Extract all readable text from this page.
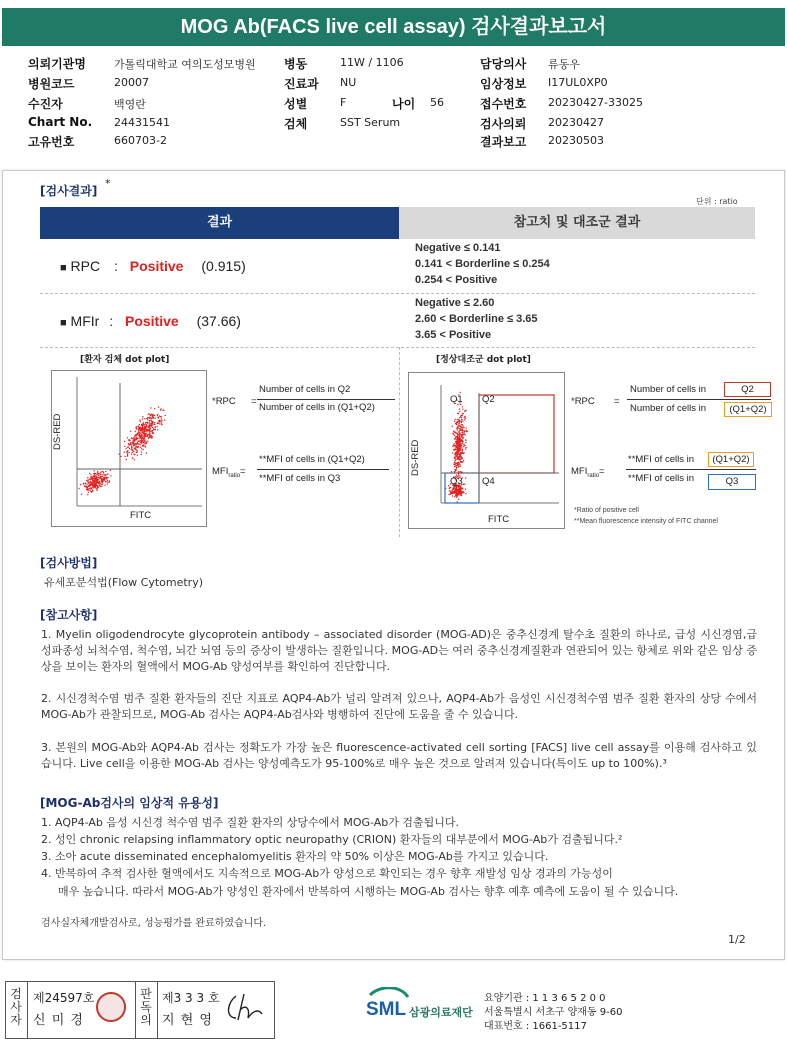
MOG Ab(FACS live cell assay) 검사결과보고서
의뢰기관명	가톨릭대학교 여의도성모병원
병원코드	20007
수진자	백영란
Chart No. 24431541
고유번호	660703-2
병동	11W / 1106
진료과 NU
성별	F	나이 56
검체	SST Serum
담당의사 류동우
임상정보 I17UL0XP0
접수번호 20230427-33025
검사의뢰 20230427
결과보고 20230503
[검사결과]
*
단위 : ratio
결과	참고치 및 대조군 결과
■ RPC : Positive (0.915)
Negative ≤ 0.141
0.141 < Borderline ≤ 0.254
0.254 < Positive
■ MFIr : Positive (37.66)
Negative ≤ 2.60
2.60 < Borderline ≤ 3.65
3.65 < Positive
[환자 검체 dot plot]
DS-RED
FITC
*RPC =
Number of cells in Q2
Number of cells in (Q1+Q2)
$MFI_{ratio}=$
**MFI of cells in (Q1+Q2)
**MFI of cells in Q3
[정상대조군 dot plot]
Q1 Q2
Q3 Q4
DS-RED
FITC
*RPC =
Number of cells in	Q2
Number of cells in	(Q1+Q2)
$MFI_{ratio}=$
**MFI of cells in	(Q1+Q2)
**MFI of cells in	Q3
*Ratio of positive cell
**Mean fluorescence intensity of FITC channel
[검사방법]
유세포분석법(Flow Cytometry)
[참고사항]
1. Myelin oligodendrocyte glycoprotein antibody – associated disorder (MOG-AD)은 중추신경계 탈수초 질환의 하나로, 급성 시신경염,급성파종성 뇌척수염, 척수염, 뇌간 뇌염 등의 증상이 발생하는 질환입니다. MOG-AD는 여러 중추신경계질환과 연관되어 있는 항체로 위와 같은 임상 증상을 보이는 환자의 혈액에서 MOG-Ab 양성여부를 확인하여 진단합니다.
2. 시신경척수염 범주 질환 환자들의 진단 지표로 AQP4-Ab가 널리 알려져 있으나, AQP4-Ab가 음성인 시신경척수염 범주 질환 환자의 상당 수에서 MOG-Ab가 관찰되므로, MOG-Ab 검사는 AQP4-Ab검사와 병행하여 진단에 도움을 줄 수 있습니다.
3. 본원의 MOG-Ab와 AQP4-Ab 검사는 정확도가 가장 높은 fluorescence-activated cell sorting [FACS] live cell assay를 이용해 검사하고 있습니다. Live cell을 이용한 MOG-Ab 검사는 양성예측도가 95-100%로 매우 높은 것으로 알려져 있습니다(특이도 up to 100%).³
[MOG-Ab검사의 임상적 유용성]
1. AQP4-Ab 음성 시신경 척수염 범주 질환 환자의 상당수에서 MOG-Ab가 검출됩니다.
2. 성인 chronic relapsing inflammatory optic neuropathy (CRION) 환자들의 대부분에서 MOG-Ab가 검출됩니다.²
3. 소아 acute disseminated encephalomyelitis 환자의 약 50% 이상은 MOG-Ab를 가지고 있습니다.
4. 반복하여 추적 검사한 혈액에서도 지속적으로 MOG-Ab가 양성으로 확인되는 경우 향후 재발성 임상 경과의 가능성이
매우 높습니다. 따라서 MOG-Ab가 양성인 환자에서 반복하여 시행하는 MOG-Ab 검사는 향후 예후 예측에 도움이 될 수 있습니다.
검사실자체개발검사로, 성능평가를 완료하였습니다.
1/2
검
사
자
제24597호
신 미 경
판
독
의
제3 3 3 호
지 현 영
SML 삼광의료재단
요양기관 : 1 1 3 6 5 2 0 0
서울특별시 서초구 양재동 9-60
대표번호 : 1661-5117
